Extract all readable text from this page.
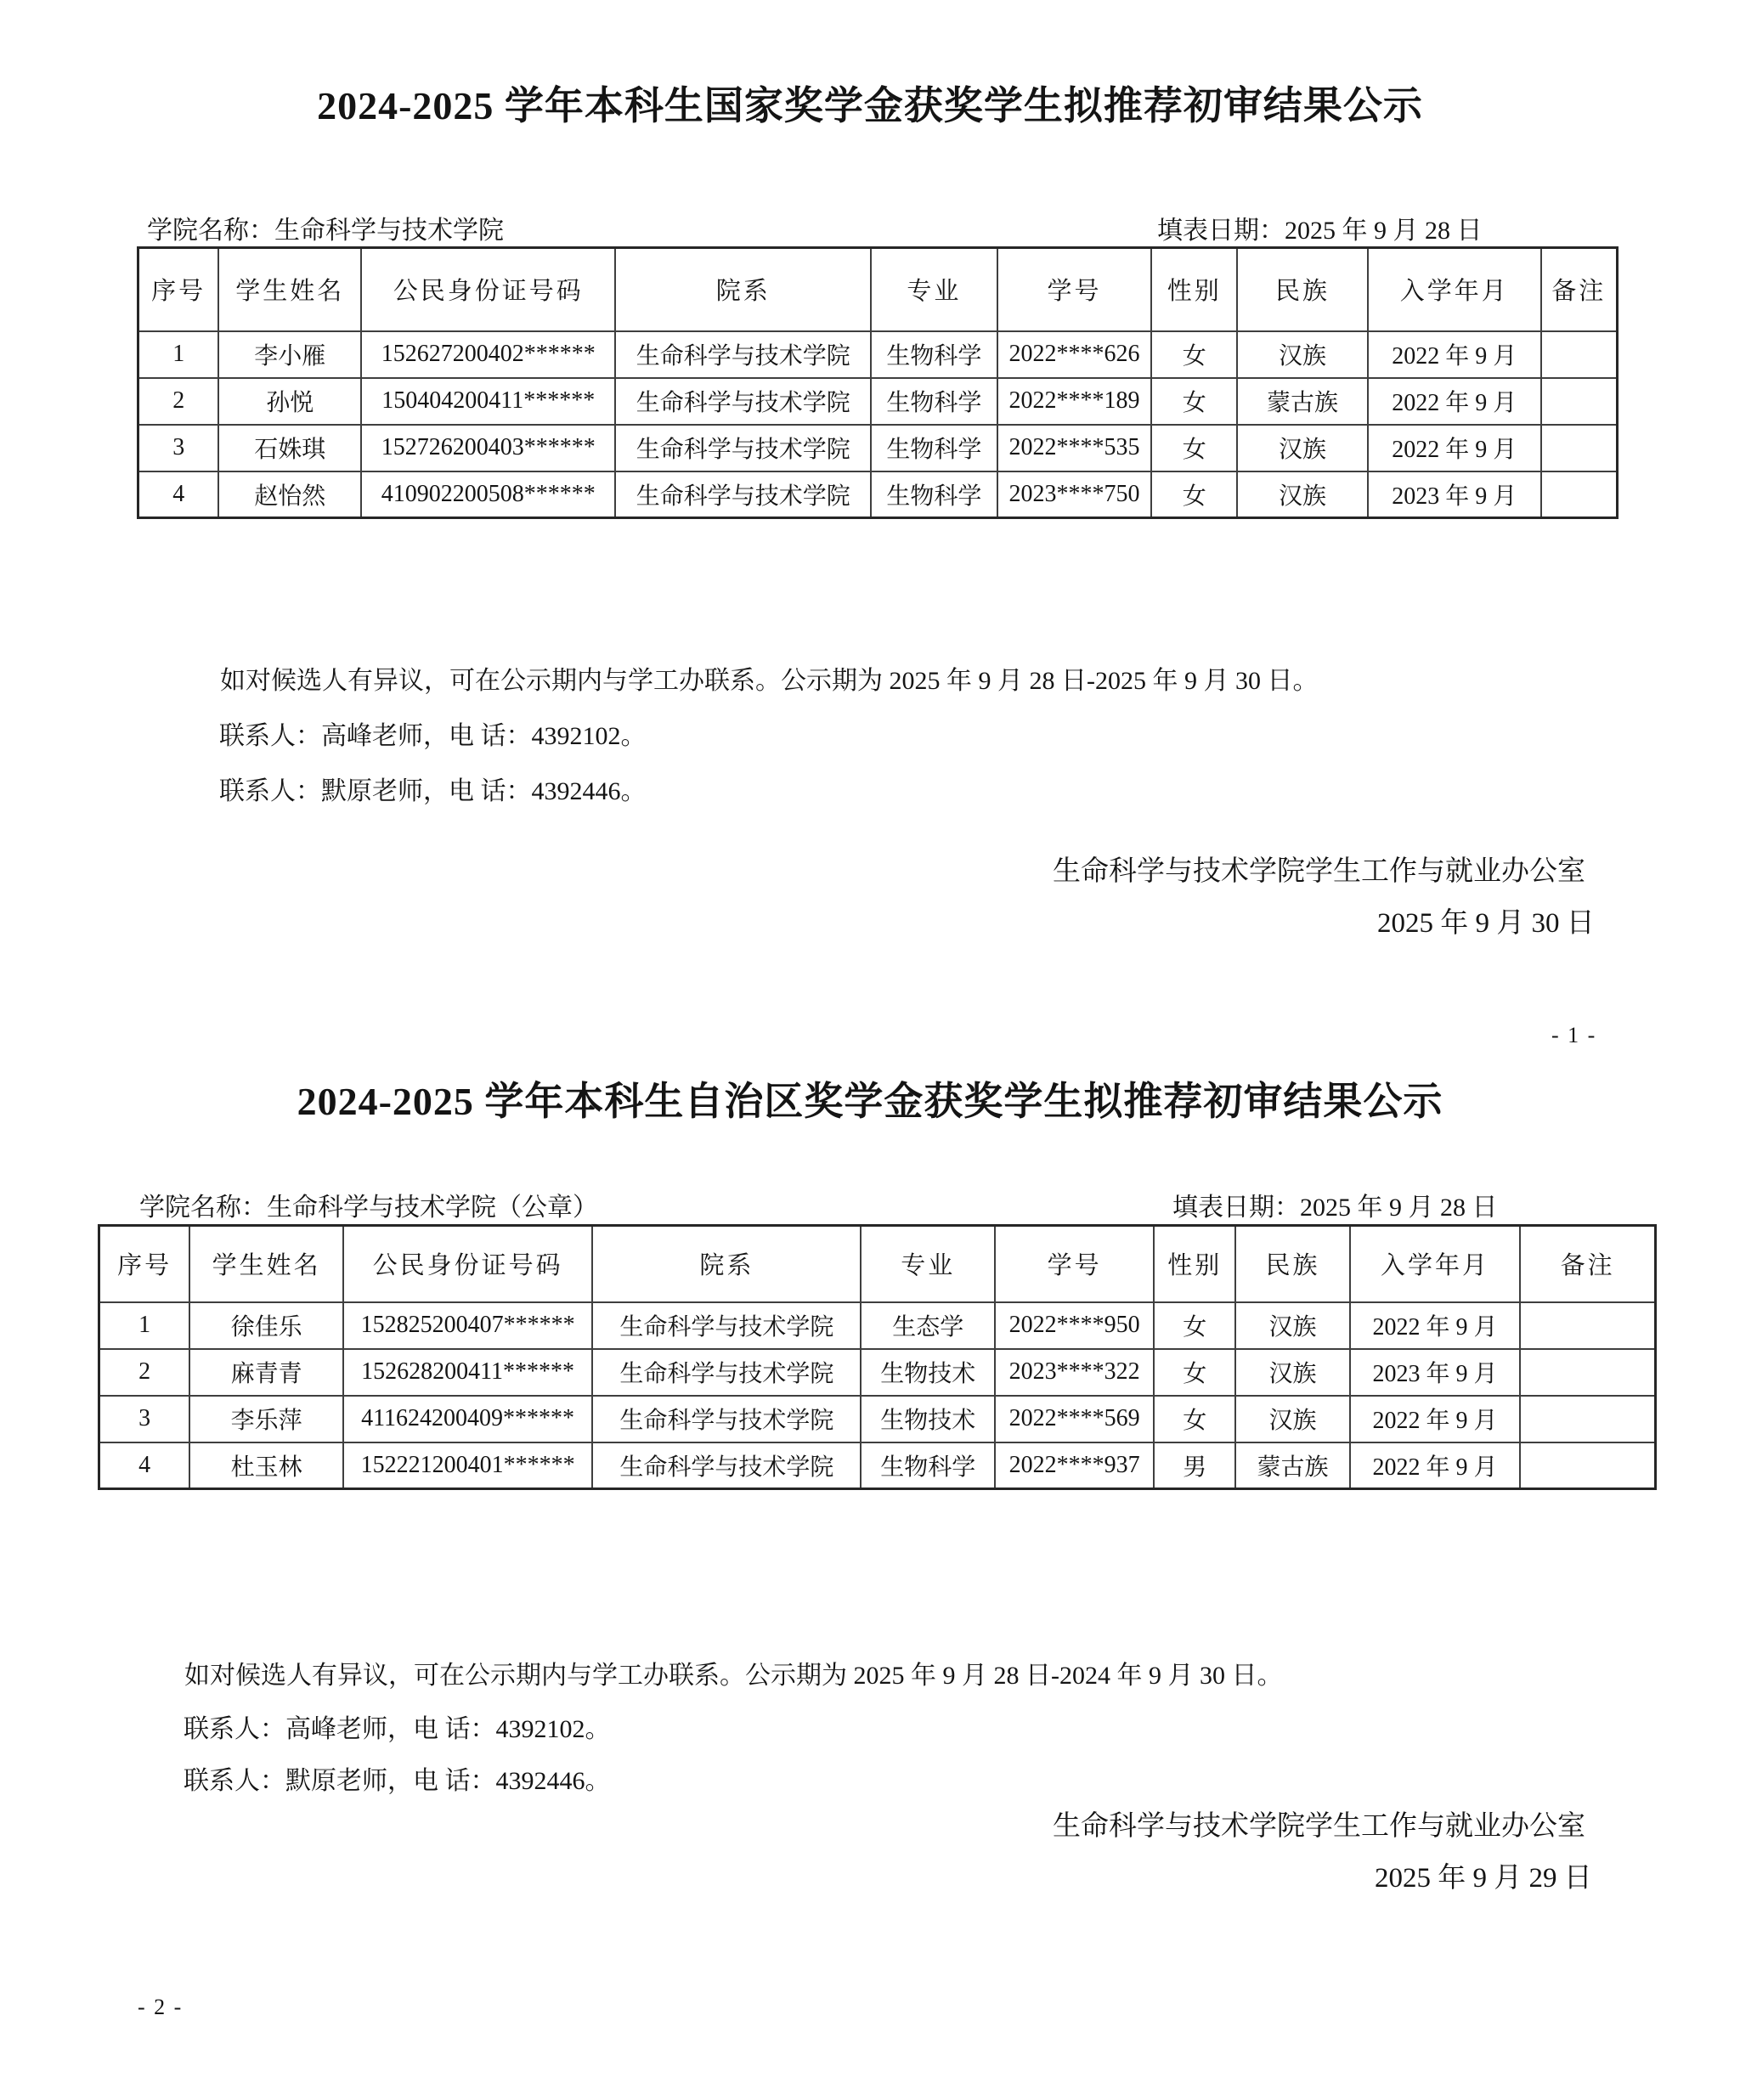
2024-2025 学年本科生国家奖学金获奖学生拟推荐初审结果公示
学院名称：生命科学与技术学院	填表日期：2025 年 9 月 28 日
序号	学生姓名	公民身份证号码	院系	专业	学号	性别	民族	入学年月	备注
1	李小雁	152627200402******	生命科学与技术学院	生物科学	2022****626	女	汉族	2022 年 9 月	
2	孙悦	150404200411******	生命科学与技术学院	生物科学	2022****189	女	蒙古族	2022 年 9 月	
3	石姝琪	152726200403******	生命科学与技术学院	生物科学	2022****535	女	汉族	2022 年 9 月	
4	赵怡然	410902200508******	生命科学与技术学院	生物科学	2023****750	女	汉族	2023 年 9 月	
如对候选人有异议，可在公示期内与学工办联系。公示期为 2025 年 9 月 28 日-2025 年 9 月 30 日。
联系人：高峰老师，电 话：4392102。
联系人：默原老师，电 话：4392446。
生命科学与技术学院学生工作与就业办公室
2025 年 9 月 30 日
- 1 -
2024-2025 学年本科生自治区奖学金获奖学生拟推荐初审结果公示
学院名称：生命科学与技术学院（公章）	填表日期：2025 年 9 月 28 日
序号	学生姓名	公民身份证号码	院系	专业	学号	性别	民族	入学年月	备注
1	徐佳乐	152825200407******	生命科学与技术学院	生态学	2022****950	女	汉族	2022 年 9 月	
2	麻青青	152628200411******	生命科学与技术学院	生物技术	2023****322	女	汉族	2023 年 9 月	
3	李乐萍	411624200409******	生命科学与技术学院	生物技术	2022****569	女	汉族	2022 年 9 月	
4	杜玉林	152221200401******	生命科学与技术学院	生物科学	2022****937	男	蒙古族	2022 年 9 月	
如对候选人有异议，可在公示期内与学工办联系。公示期为 2025 年 9 月 28 日-2024 年 9 月 30 日。
联系人：高峰老师，电 话：4392102。
联系人：默原老师，电 话：4392446。
生命科学与技术学院学生工作与就业办公室
2025 年 9 月 29 日
- 2 -
